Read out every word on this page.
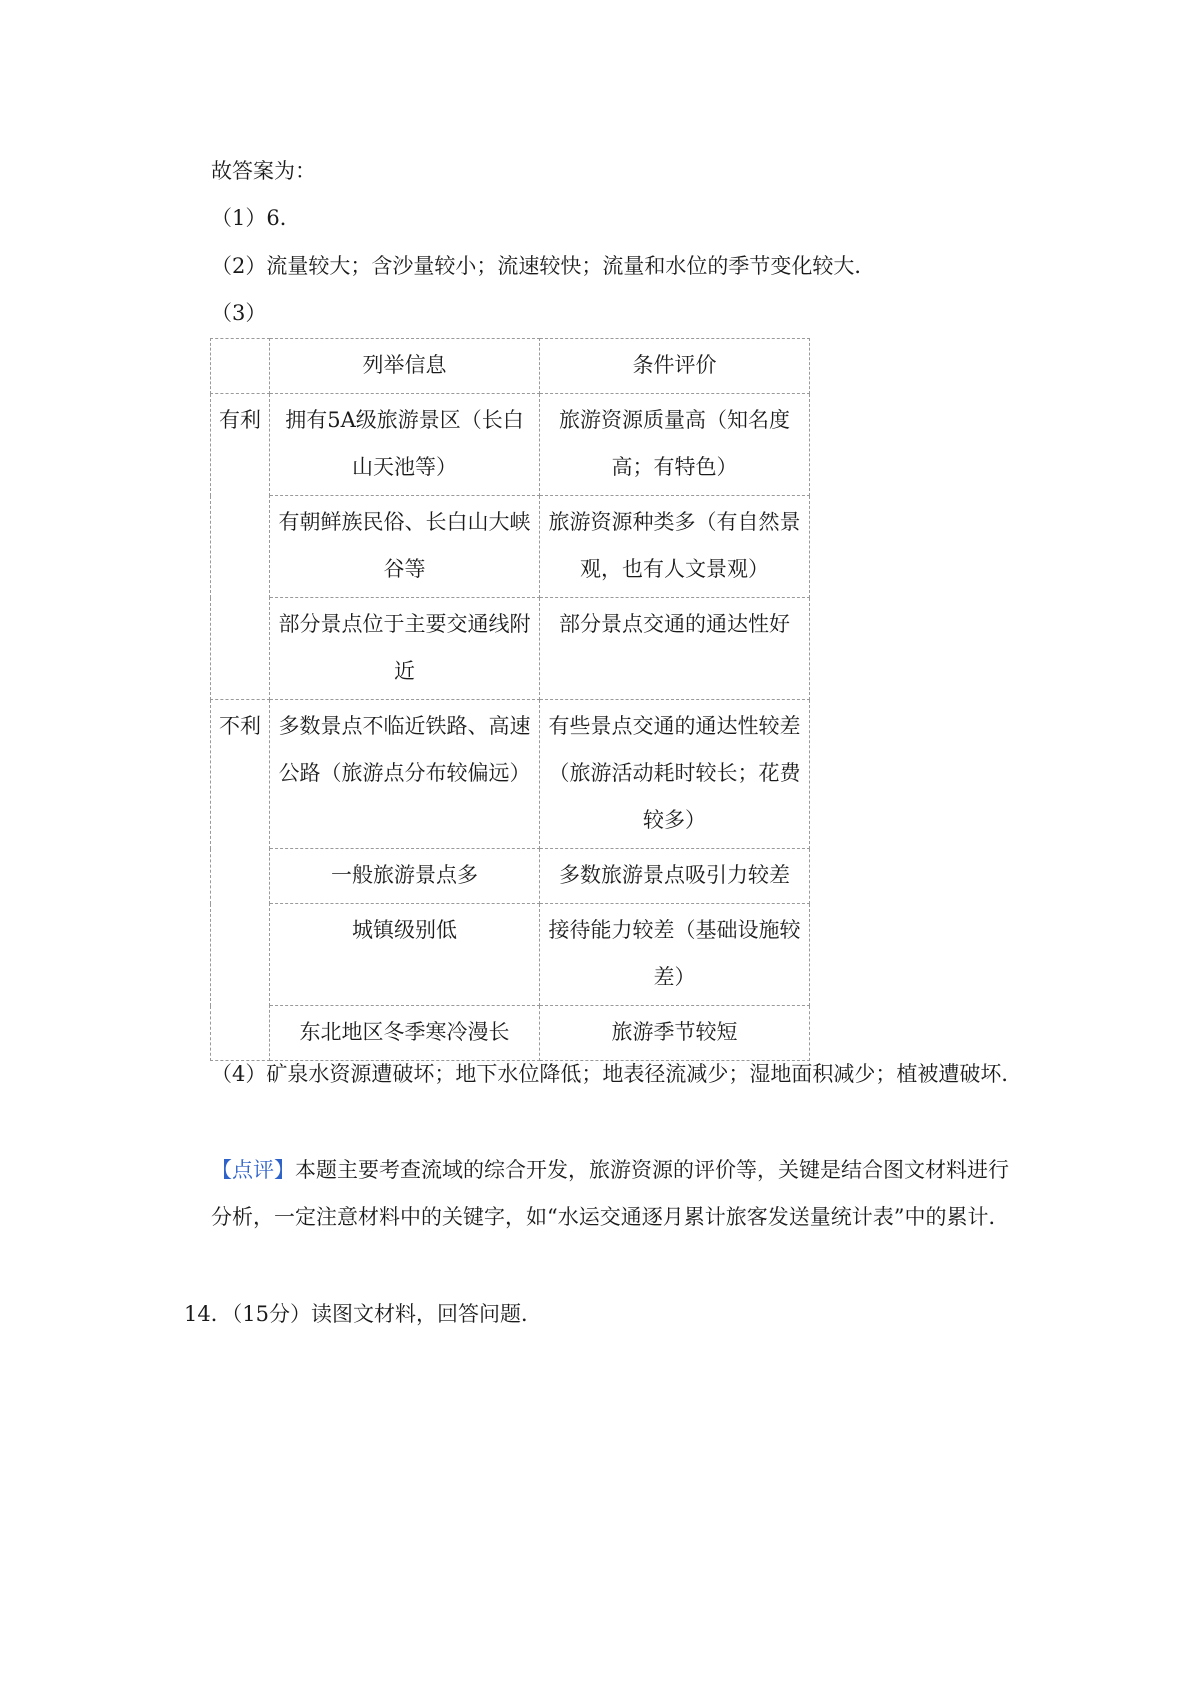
故答案为：
（1）6．
（2）流量较大；含沙量较小；流速较快；流量和水位的季节变化较大．
（3）
	列举信息	条件评价
有利	拥有5A级旅游景区（长白山天池等）	旅游资源质量高（知名度高；有特色）
	有朝鲜族民俗、长白山大峡谷等	旅游资源种类多（有自然景观，也有人文景观）
	部分景点位于主要交通线附近	部分景点交通的通达性好
不利	多数景点不临近铁路、高速公路（旅游点分布较偏远）	有些景点交通的通达性较差（旅游活动耗时较长；花费较多）
	一般旅游景点多	多数旅游景点吸引力较差
	城镇级别低	接待能力较差（基础设施较差）
	东北地区冬季寒冷漫长	旅游季节较短
（4）矿泉水资源遭破坏；地下水位降低；地表径流减少；湿地面积减少；植被遭破坏．
【点评】本题主要考查流域的综合开发，旅游资源的评价等，关键是结合图文材料进行分析，一定注意材料中的关键字，如“水运交通逐月累计旅客发送量统计表”中的累计．
14．（15分）读图文材料，回答问题．
